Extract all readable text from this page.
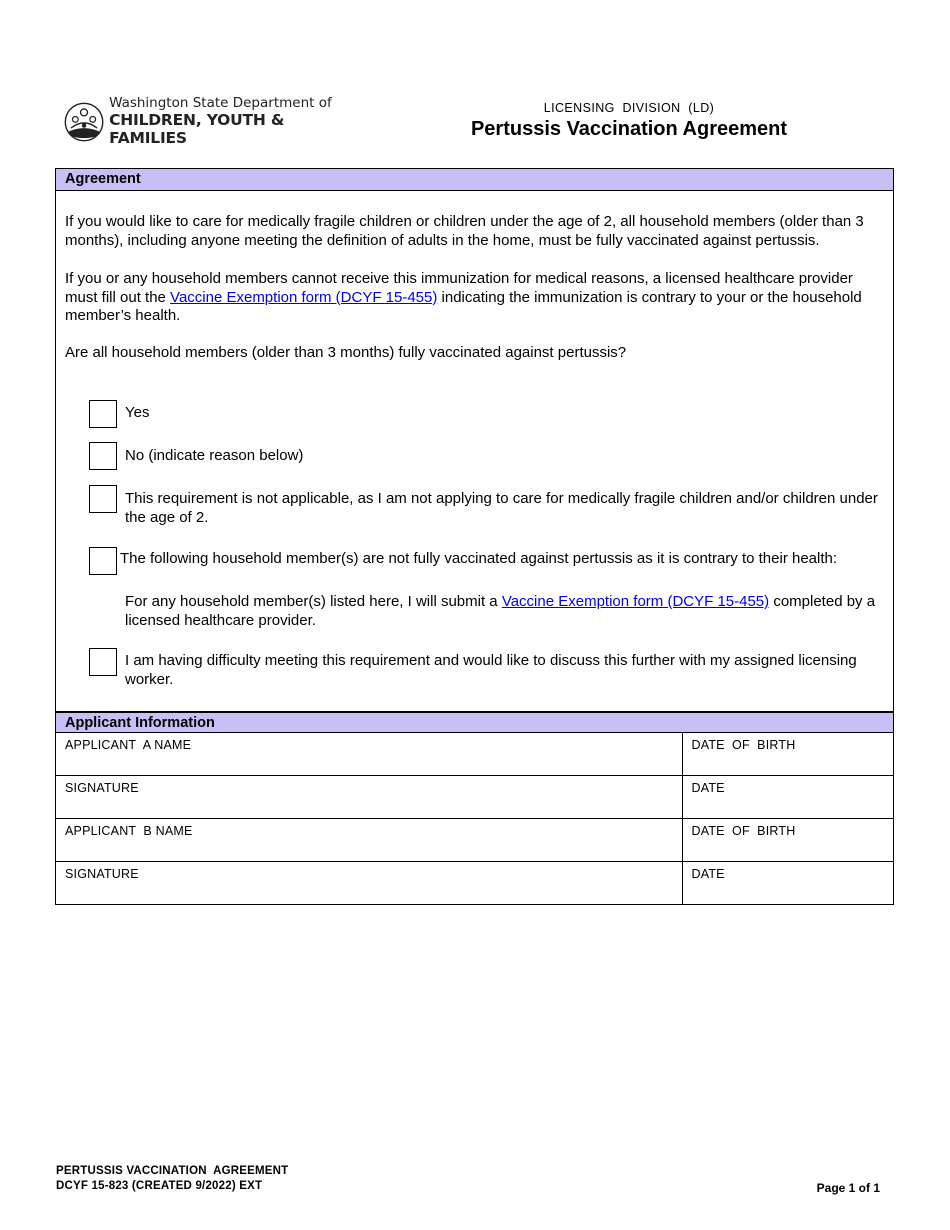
Washington State Department of
CHILDREN, YOUTH & FAMILIES
LICENSING  DIVISION  (LD)
Pertussis Vaccination Agreement
Agreement
If you would like to care for medically fragile children or children under the age of 2, all household members (older than 3 months), including anyone meeting the definition of adults in the home, must be fully vaccinated against pertussis.
If you or any household members cannot receive this immunization for medical reasons, a licensed healthcare provider must fill out the Vaccine Exemption form (DCYF 15-455) indicating the immunization is contrary to your or the household member’s health.
Are all household members (older than 3 months) fully vaccinated against pertussis?
Yes
No (indicate reason below)
This requirement is not applicable, as I am not applying to care for medically fragile children and/or children under the age of 2.
The following household member(s) are not fully vaccinated against pertussis as it is contrary to their health:
For any household member(s) listed here, I will submit a Vaccine Exemption form (DCYF 15-455) completed by a licensed healthcare provider.
I am having difficulty meeting this requirement and would like to discuss this further with my assigned licensing worker.
Applicant Information
APPLICANT  A NAME	DATE  OF  BIRTH
SIGNATURE	DATE
APPLICANT  B NAME	DATE  OF  BIRTH
SIGNATURE	DATE
PERTUSSIS VACCINATION  AGREEMENT
DCYF 15-823 (CREATED 9/2022) EXT	Page 1 of 1
